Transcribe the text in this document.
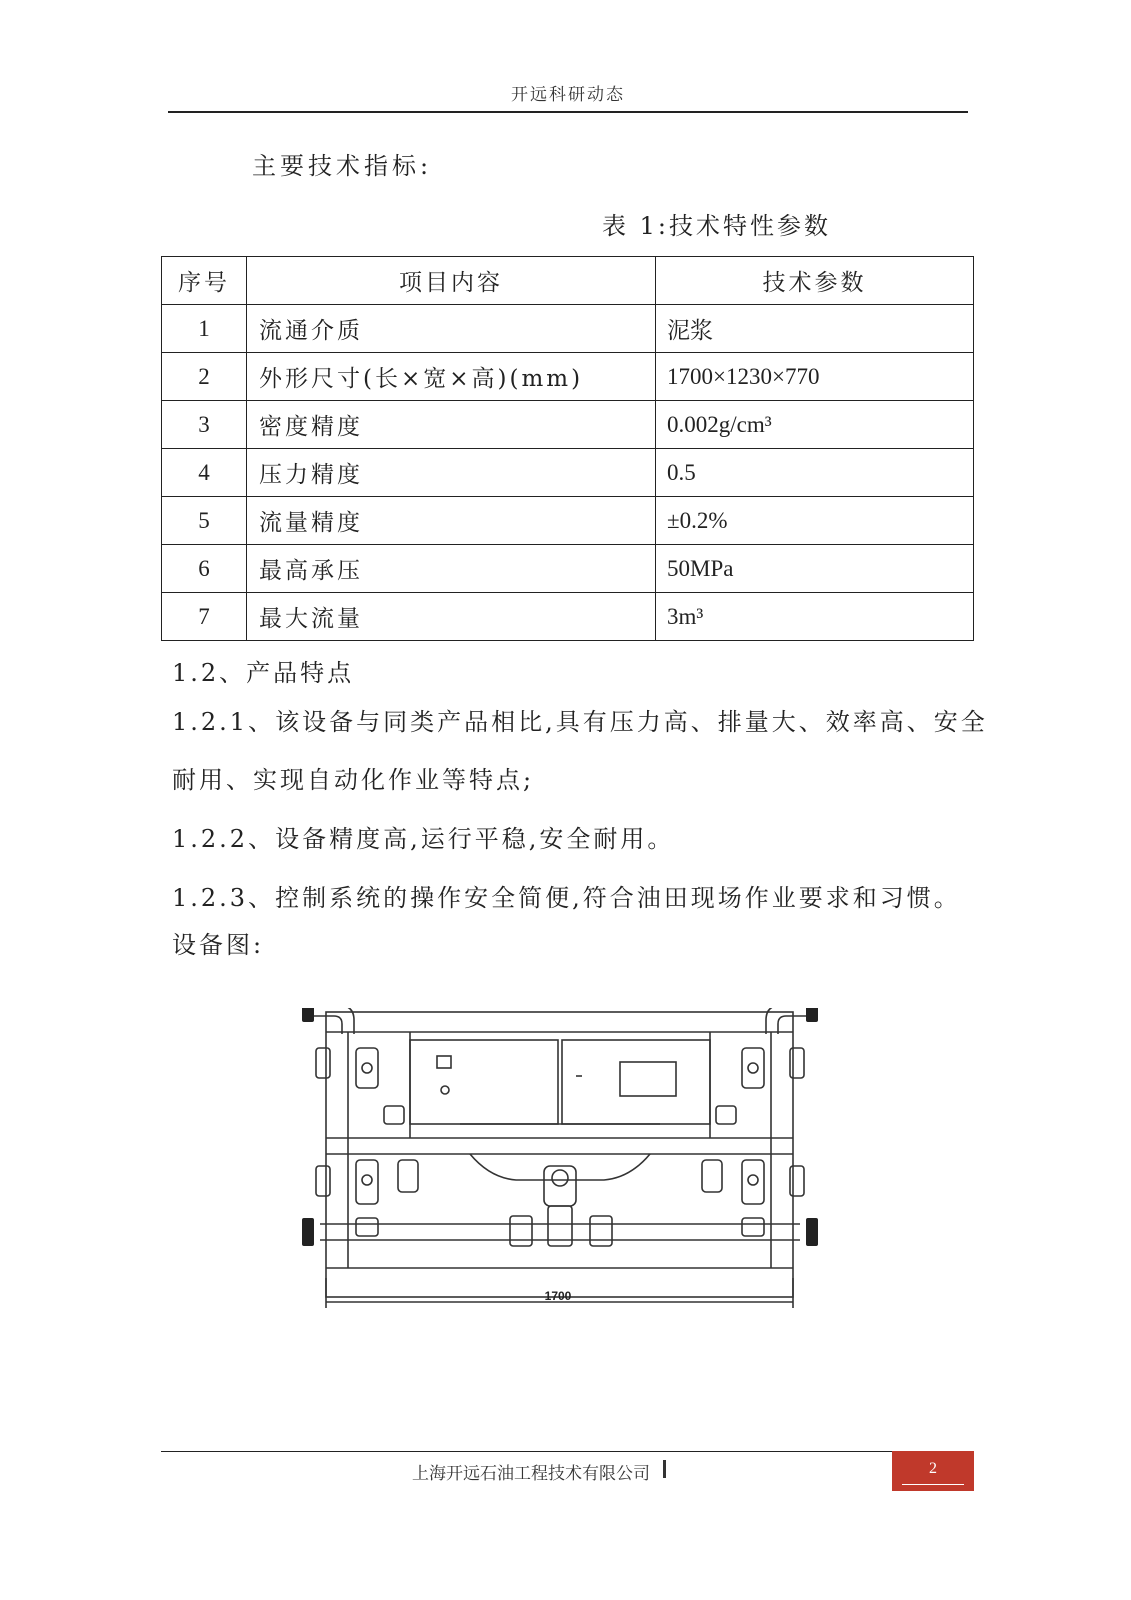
开远科研动态
主要技术指标:
表 1:技术特性参数
序号	项目内容	技术参数
1	流通介质	泥浆
2	外形尺寸(长×宽×高)(mm)	1700×1230×770
3	密度精度	0.002g/cm³
4	压力精度	0.5
5	流量精度	±0.2%
6	最高承压	50MPa
7	最大流量	3m³
1.2、产品特点
1.2.1、该设备与同类产品相比,具有压力高、排量大、效率高、安全
耐用、实现自动化作业等特点;
1.2.2、设备精度高,运行平稳,安全耐用。
1.2.3、控制系统的操作安全简便,符合油田现场作业要求和习惯。
设备图:
1700
上海开远石油工程技术有限公司	2
